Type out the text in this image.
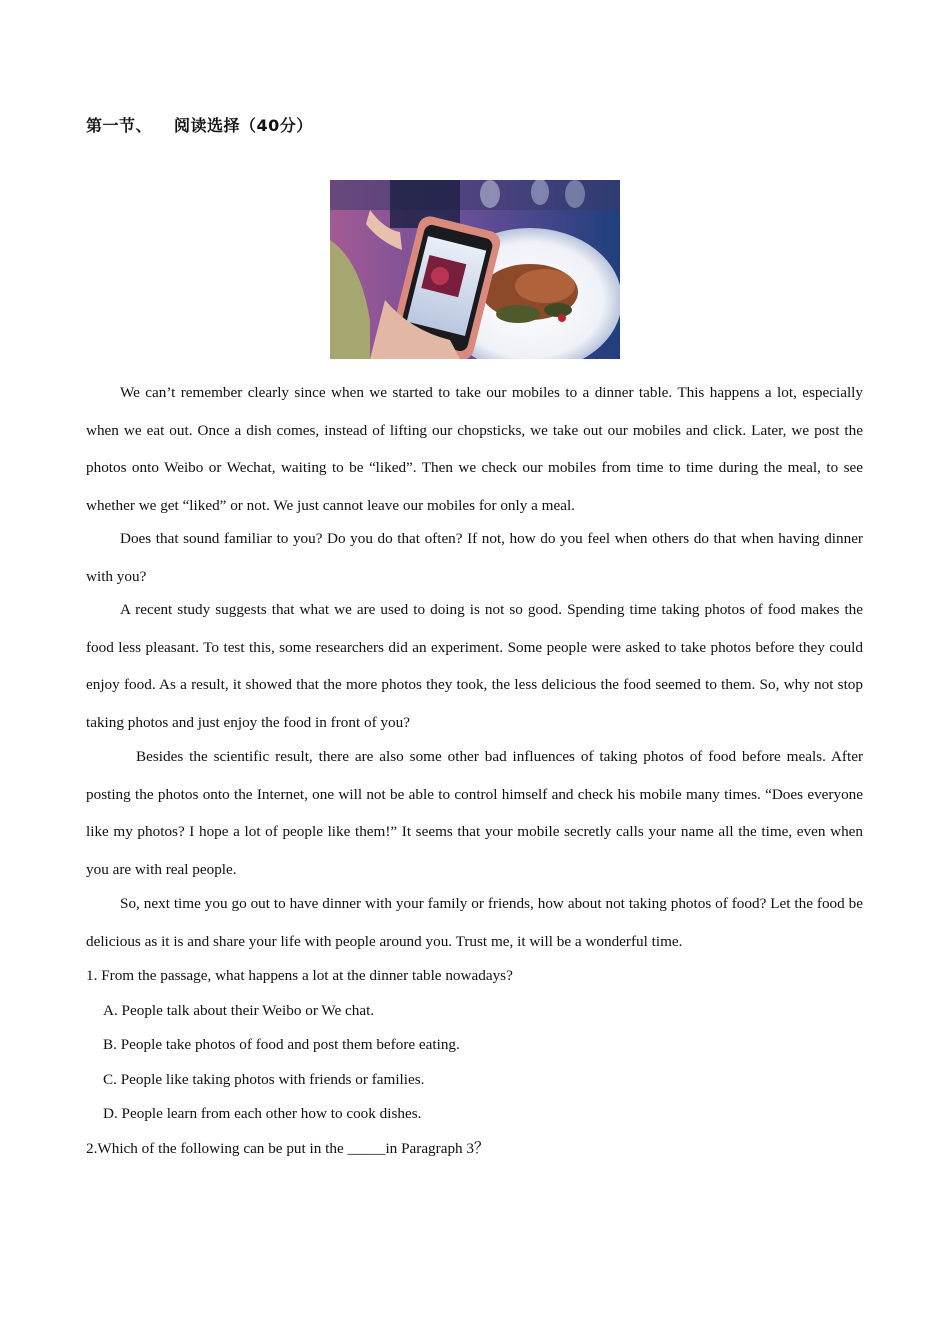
第一节、 阅读选择（40分）

We can’t remember clearly since when we started to take our mobiles to a dinner table. This happens a lot, especially when we eat out. Once a dish comes, instead of lifting our chopsticks, we take out our mobiles and click. Later, we post the photos onto Weibo or Wechat, waiting to be “liked”. Then we check our mobiles from time to time during the meal, to see whether we get “liked” or not. We just cannot leave our mobiles for only a meal.

Does that sound familiar to you? Do you do that often? If not, how do you feel when others do that when having dinner with you?

A recent study suggests that what we are used to doing is not so good. Spending time taking photos of food makes the food less pleasant. To test this, some researchers did an experiment. Some people were asked to take photos before they could enjoy food. As a result, it showed that the more photos they took, the less delicious the food seemed to them. So, why not stop taking photos and just enjoy the food in front of you?

Besides the scientific result, there are also some other bad influences of taking photos of food before meals. After posting the photos onto the Internet, one will not be able to control himself and check his mobile many times. “Does everyone like my photos? I hope a lot of people like them!” It seems that your mobile secretly calls your name all the time, even when you are with real people.

So, next time you go out to have dinner with your family or friends, how about not taking photos of food? Let the food be delicious as it is and share your life with people around you. Trust me, it will be a wonderful time.

1. From the passage, what happens a lot at the dinner table nowadays?
A. People talk about their Weibo or We chat.
B. People take photos of food and post them before eating.
C. People like taking photos with friends or families.
D. People learn from each other how to cook dishes.
2.Which of the following can be put in the _____in Paragraph 3？
